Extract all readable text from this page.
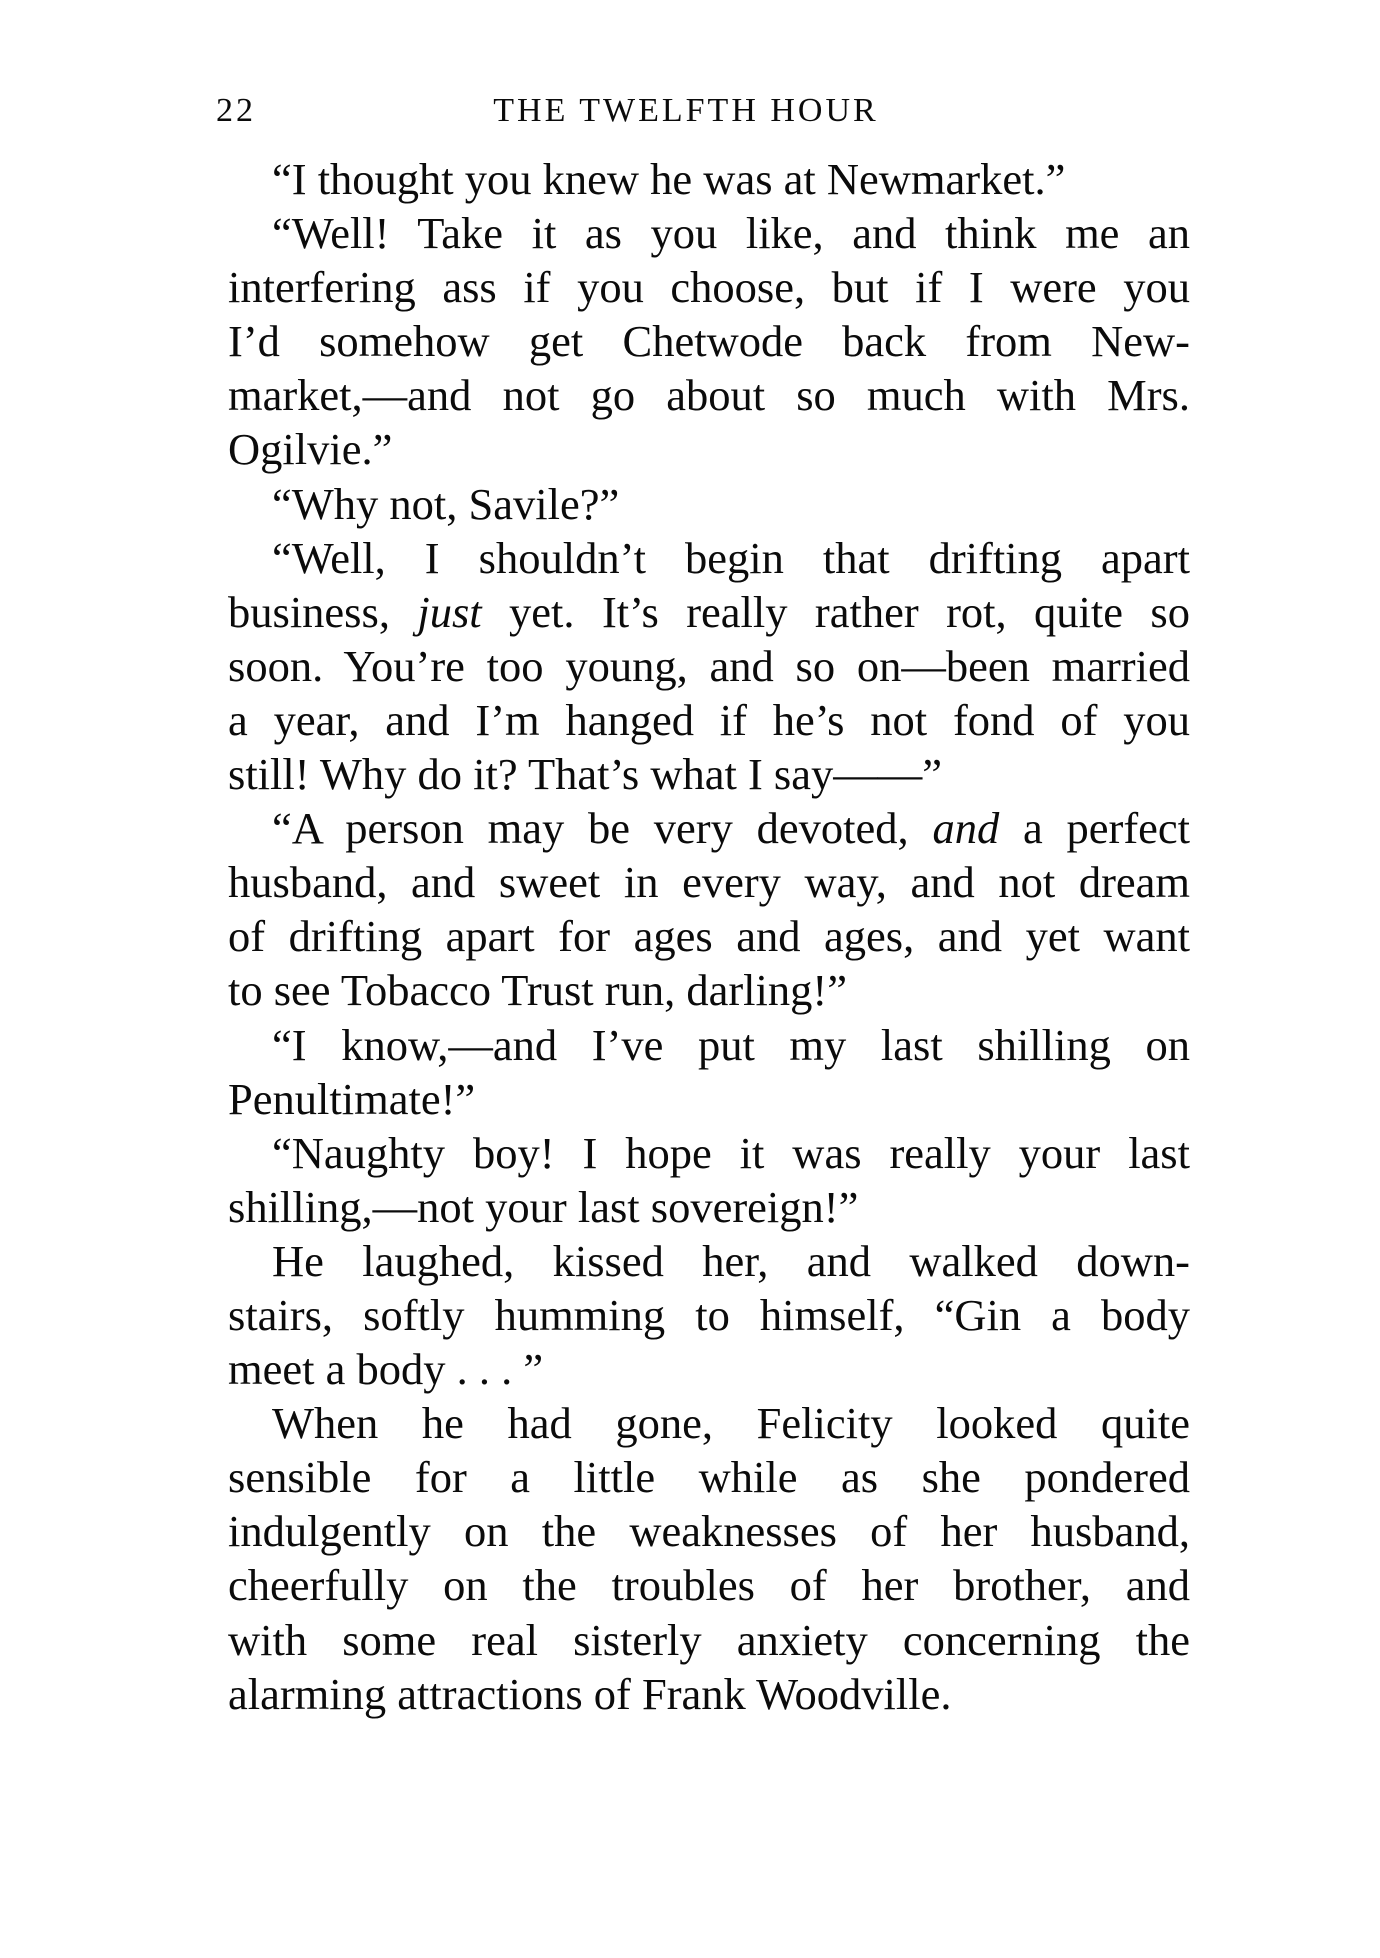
22	THE TWELFTH HOUR
“I thought you knew he was at Newmarket.”
“Well! Take it as you like, and think me an
interfering ass if you choose, but if I were you
I’d somehow get Chetwode back from New-
market,—and not go about so much with Mrs.
Ogilvie.”
“Why not, Savile?”
“Well, I shouldn’t begin that drifting apart
business, just yet. It’s really rather rot, quite so
soon. You’re too young, and so on—been married
a year, and I’m hanged if he’s not fond of you
still! Why do it? That’s what I say——”
“A person may be very devoted, and a perfect
husband, and sweet in every way, and not dream
of drifting apart for ages and ages, and yet want
to see Tobacco Trust run, darling!”
“I know,—and I’ve put my last shilling on
Penultimate!”
“Naughty boy! I hope it was really your last
shilling,—not your last sovereign!”
He laughed, kissed her, and walked down-
stairs, softly humming to himself, “Gin a body
meet a body . . . ”
When he had gone, Felicity looked quite
sensible for a little while as she pondered
indulgently on the weaknesses of her husband,
cheerfully on the troubles of her brother, and
with some real sisterly anxiety concerning the
alarming attractions of Frank Woodville.
